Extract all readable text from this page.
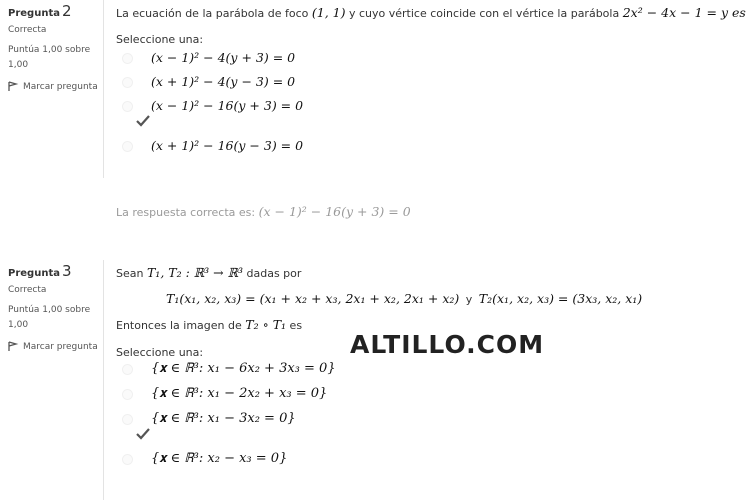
Pregunta 2
Correcta
Puntúa 1,00 sobre 1,00
Marcar pregunta
La ecuación de la parábola de foco (1, 1) y cuyo vértice coincide con el vértice la parábola 2x² − 4x − 1 = y es
Seleccione una:
(x − 1)² − 4(y + 3) = 0
(x + 1)² − 4(y − 3) = 0
(x − 1)² − 16(y + 3) = 0
(x + 1)² − 16(y − 3) = 0
La respuesta correcta es: (x − 1)² − 16(y + 3) = 0
Pregunta 3
Correcta
Puntúa 1,00 sobre 1,00
Marcar pregunta
Sean T₁, T₂ : ℝ³ → ℝ³ dadas por
T₁(x₁, x₂, x₃) = (x₁ + x₂ + x₃, 2x₁ + x₂, 2x₁ + x₂) y T₂(x₁, x₂, x₃) = (3x₃, x₂, x₁)
Entonces la imagen de T₂ ∘ T₁ es
Seleccione una:
{𝐱 ∈ ℝ³: x₁ − 6x₂ + 3x₃ = 0}
{𝐱 ∈ ℝ³: x₁ − 2x₂ + x₃ = 0}
{𝐱 ∈ ℝ³: x₁ − 3x₂ = 0}
{𝐱 ∈ ℝ³: x₂ − x₃ = 0}
ALTILLO.COM
